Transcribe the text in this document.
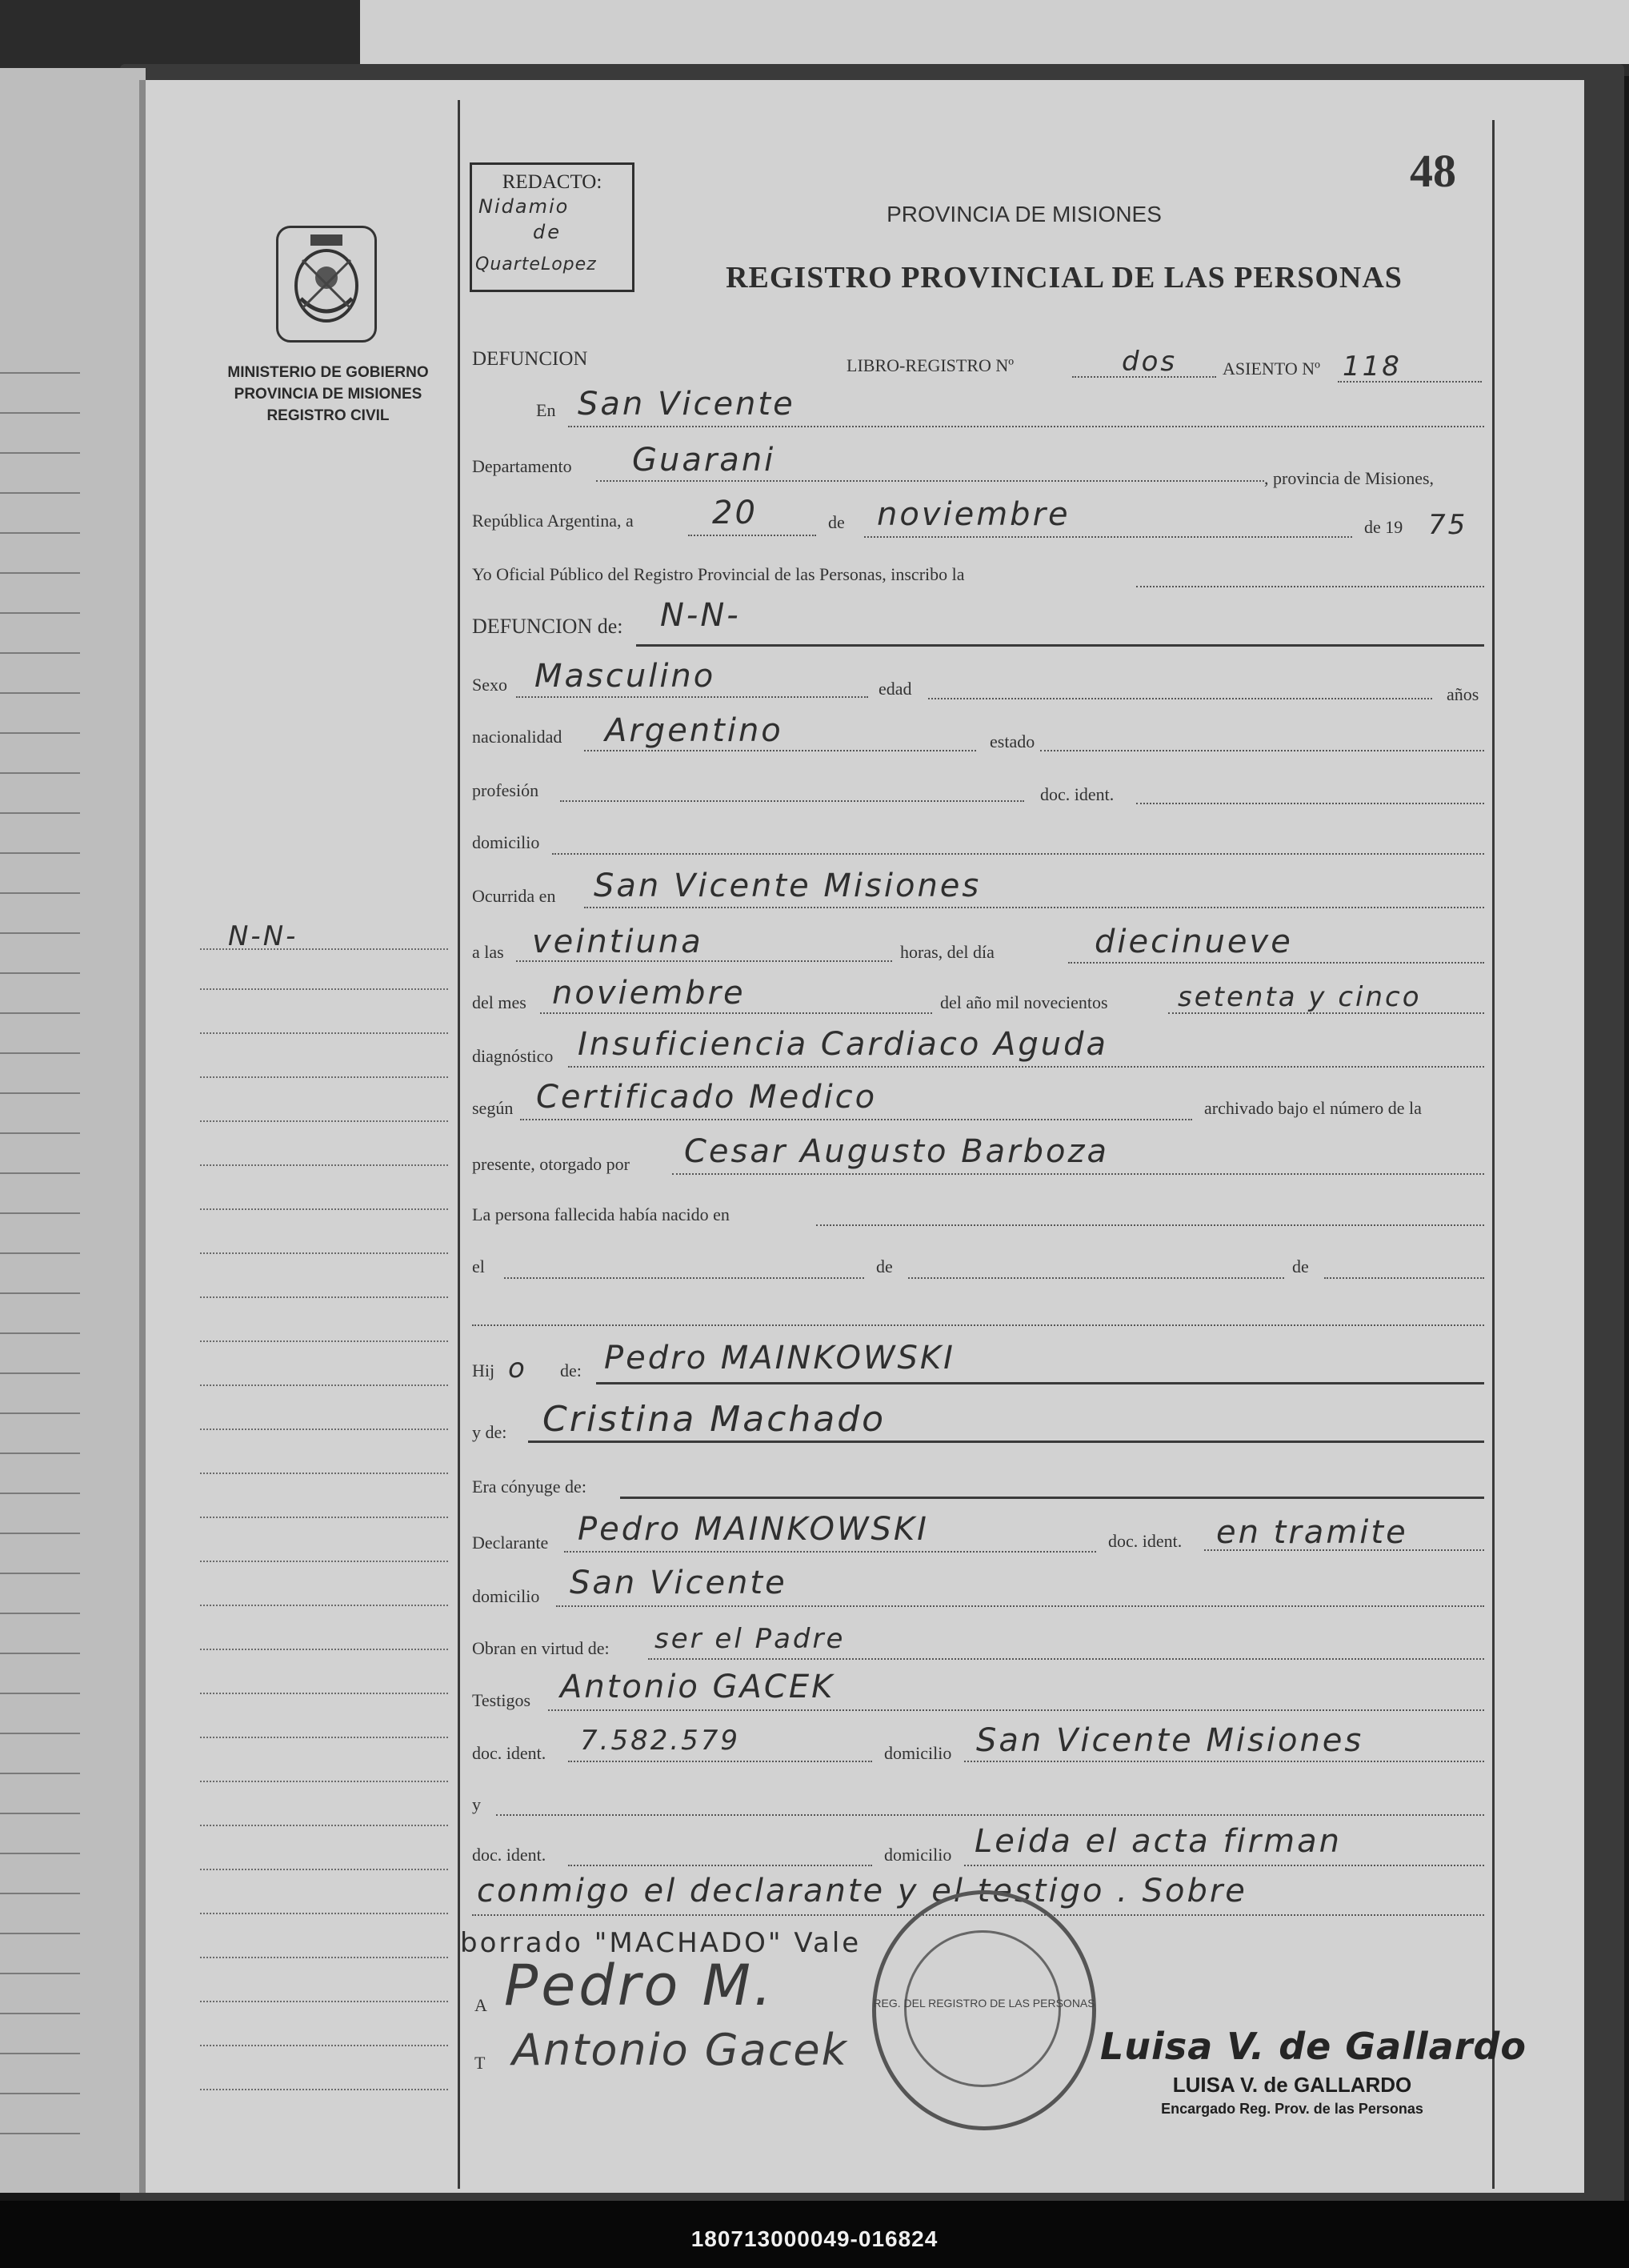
MINISTERIO DE GOBIERNO
PROVINCIA DE MISIONES
REGISTRO CIVIL
N-N-
REDACTO:
Nidamio
de
QuarteLopez
48
PROVINCIA DE MISIONES
REGISTRO PROVINCIAL DE LAS PERSONAS
DEFUNCION	LIBRO-REGISTRO Nº	dos	ASIENTO Nº 118
En San Vicente
Departamento Guarani	, provincia de Misiones,
República Argentina, a 20	de noviembre	de 19 75
Yo Oficial Público del Registro Provincial de las Personas, inscribo la
DEFUNCION de: N-N-
Sexo Masculino	edad	años
nacionalidad Argentino	estado
profesión	doc. ident.
domicilio
Ocurrida en San Vicente Misiones
a las veintiuna	horas, del día	diecinueve
del mes noviembre	del año mil novecientos	setenta y cinco
diagnóstico Insuficiencia Cardiaco Aguda
según Certificado Medico	archivado bajo el número de la
presente, otorgado por Cesar Augusto Barboza
La persona fallecida había nacido en
el	de	de
Hij o de: Pedro MAINKOWSKI
y de: Cristina Machado
Era cónyuge de:
Declarante Pedro MAINKOWSKI	doc. ident. en tramite
domicilio San Vicente
Obran en virtud de: ser el Padre
Testigos Antonio GACEK
doc. ident. 7.582.579	domicilio San Vicente Misiones
y
doc. ident.	domicilio Leida el acta firman
conmigo el declarante y el testigo . Sobre
borrado "MACHADO" Vale
A Pedro M.
T Antonio Gacek
REG. DEL REGISTRO DE LAS PERSONAS
Luisa V. de Gallardo
LUISA V. de GALLARDO
Encargado Reg. Prov. de las Personas
180713000049-016824
